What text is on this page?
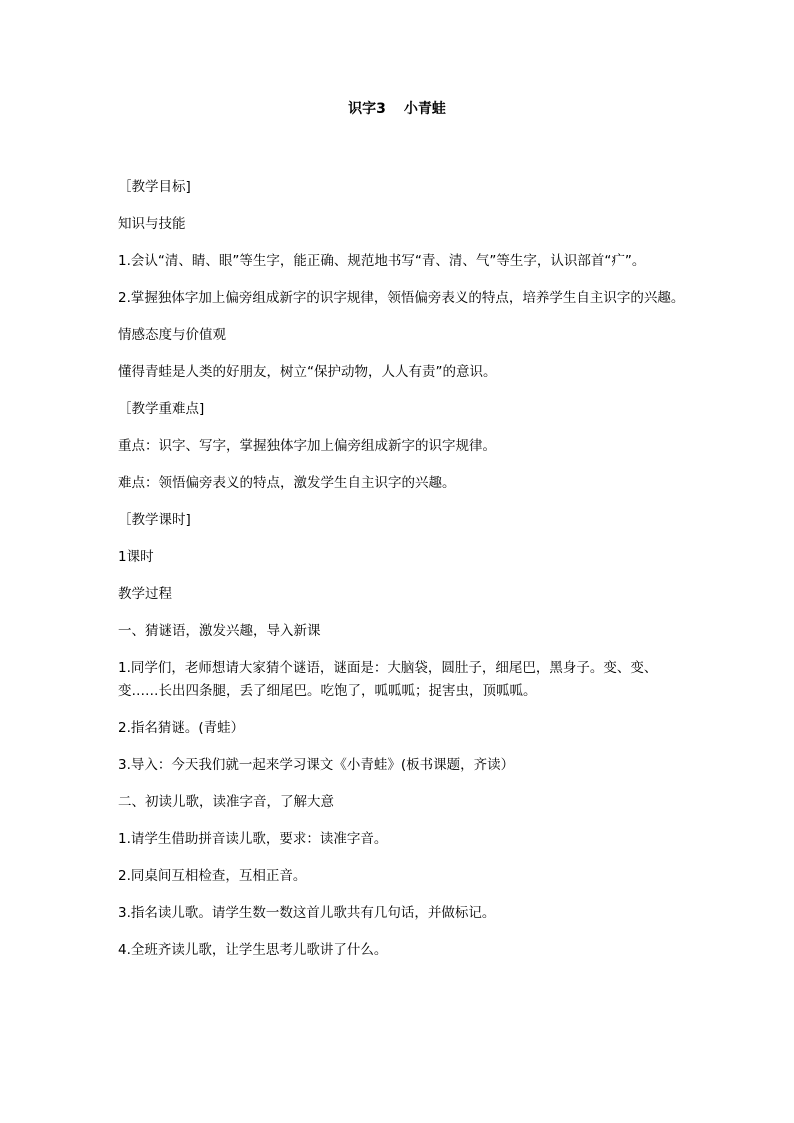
识字3 小青蛙

［教学目标]

知识与技能

1.会认“清、睛、眼”等生字，能正确、规范地书写“青、清、气”等生字，认识部首“疒”。

2.掌握独体字加上偏旁组成新字的识字规律，领悟偏旁表义的特点，培养学生自主识字的兴趣。

情感态度与价值观

懂得青蛙是人类的好朋友，树立“保护动物，人人有责”的意识。

［教学重难点]

重点：识字、写字，掌握独体字加上偏旁组成新字的识字规律。

难点：领悟偏旁表义的特点，激发学生自主识字的兴趣。

［教学课时]

1课时

教学过程

一、猜谜语，激发兴趣，导入新课

1.同学们，老师想请大家猜个谜语，谜面是：大脑袋，圆肚子，细尾巴，黑身子。变、变、变……长出四条腿，丢了细尾巴。吃饱了，呱呱呱；捉害虫，顶呱呱。

2.指名猜谜。(青蛙）

3.导入：今天我们就一起来学习课文《小青蛙》(板书课题，齐读）

二、初读儿歌，读准字音，了解大意

1.请学生借助拼音读儿歌，要求：读准字音。

2.同桌间互相检查，互相正音。

3.指名读儿歌。请学生数一数这首儿歌共有几句话，并做标记。

4.全班齐读儿歌，让学生思考儿歌讲了什么。
